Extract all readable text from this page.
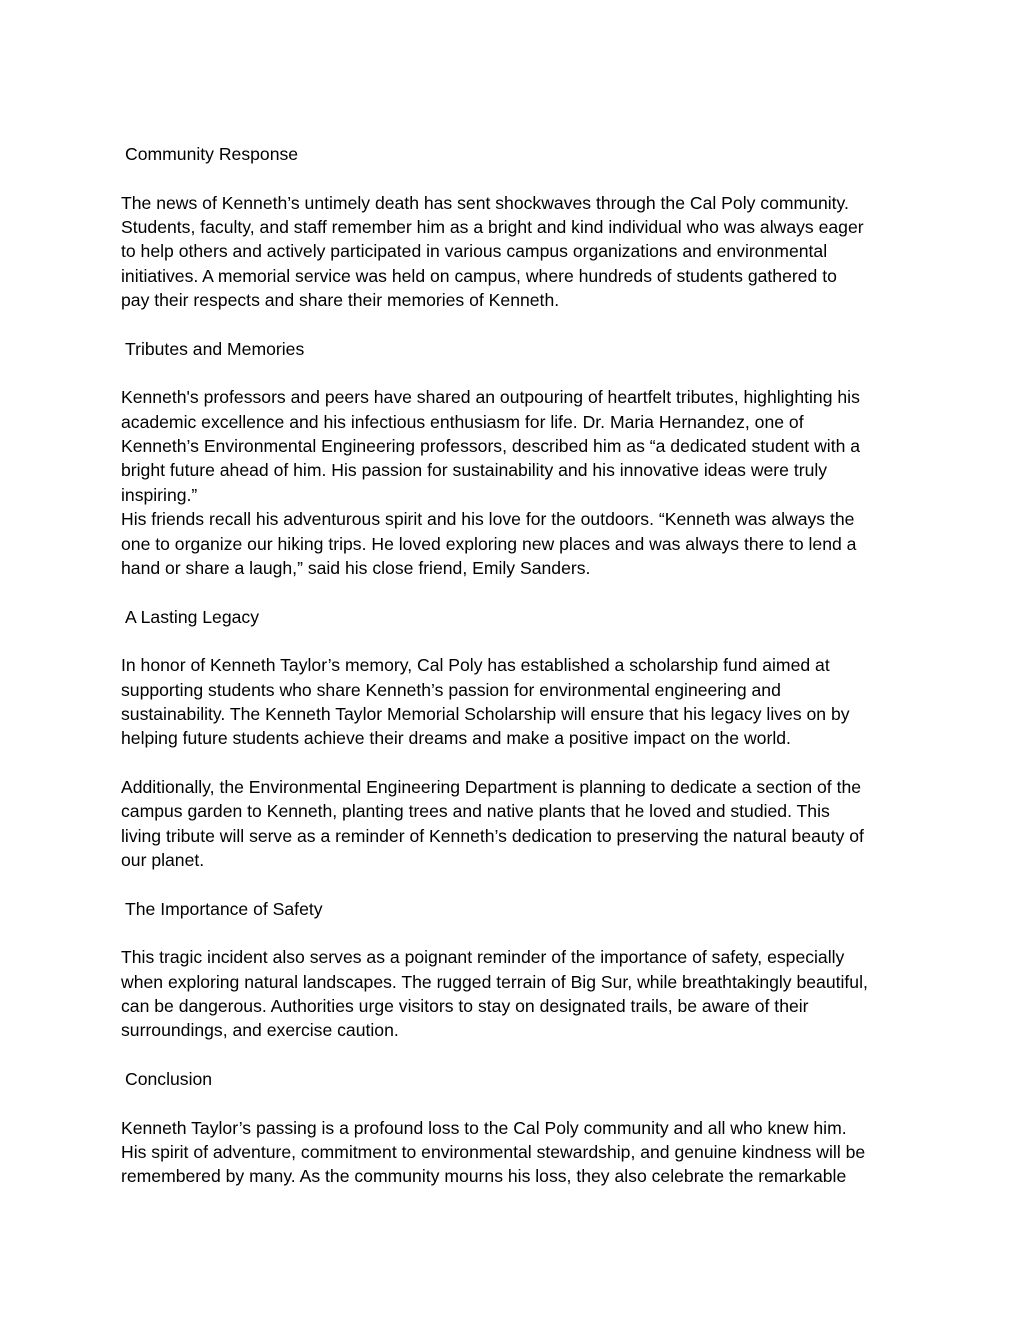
Community Response
The news of Kenneth’s untimely death has sent shockwaves through the Cal Poly community.
Students, faculty, and staff remember him as a bright and kind individual who was always eager
to help others and actively participated in various campus organizations and environmental
initiatives. A memorial service was held on campus, where hundreds of students gathered to
pay their respects and share their memories of Kenneth.
Tributes and Memories
Kenneth's professors and peers have shared an outpouring of heartfelt tributes, highlighting his
academic excellence and his infectious enthusiasm for life. Dr. Maria Hernandez, one of
Kenneth’s Environmental Engineering professors, described him as “a dedicated student with a
bright future ahead of him. His passion for sustainability and his innovative ideas were truly
inspiring.”
His friends recall his adventurous spirit and his love for the outdoors. “Kenneth was always the
one to organize our hiking trips. He loved exploring new places and was always there to lend a
hand or share a laugh,” said his close friend, Emily Sanders.
A Lasting Legacy
In honor of Kenneth Taylor’s memory, Cal Poly has established a scholarship fund aimed at
supporting students who share Kenneth’s passion for environmental engineering and
sustainability. The Kenneth Taylor Memorial Scholarship will ensure that his legacy lives on by
helping future students achieve their dreams and make a positive impact on the world.
Additionally, the Environmental Engineering Department is planning to dedicate a section of the
campus garden to Kenneth, planting trees and native plants that he loved and studied. This
living tribute will serve as a reminder of Kenneth’s dedication to preserving the natural beauty of
our planet.
The Importance of Safety
This tragic incident also serves as a poignant reminder of the importance of safety, especially
when exploring natural landscapes. The rugged terrain of Big Sur, while breathtakingly beautiful,
can be dangerous. Authorities urge visitors to stay on designated trails, be aware of their
surroundings, and exercise caution.
Conclusion
Kenneth Taylor’s passing is a profound loss to the Cal Poly community and all who knew him.
His spirit of adventure, commitment to environmental stewardship, and genuine kindness will be
remembered by many. As the community mourns his loss, they also celebrate the remarkable
